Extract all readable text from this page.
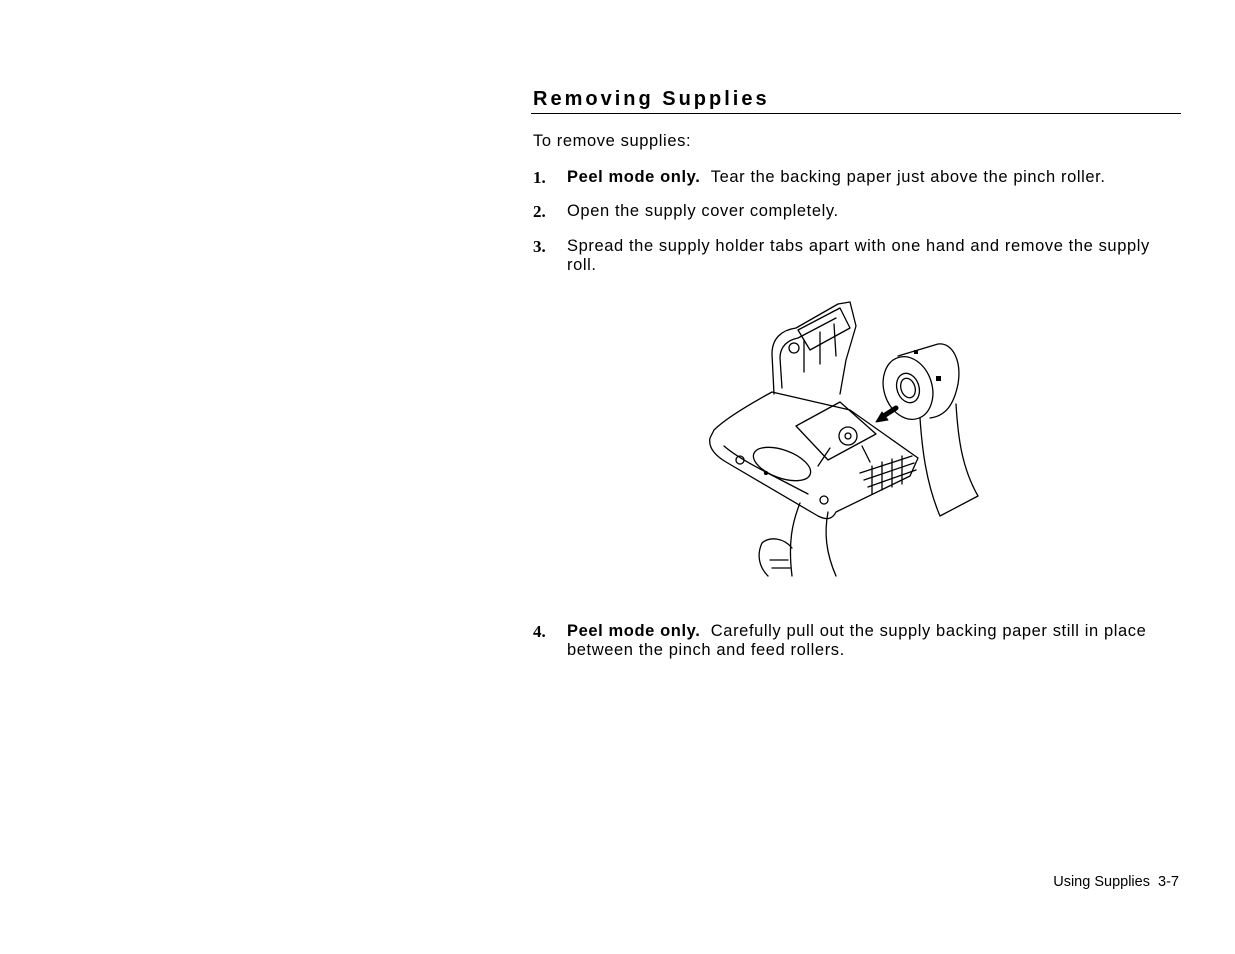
Removing Supplies
To remove supplies:
1. Peel mode only. Tear the backing paper just above the pinch roller.
2. Open the supply cover completely.
3. Spread the supply holder tabs apart with one hand and remove the supply roll.
4. Peel mode only. Carefully pull out the supply backing paper still in place between the pinch and feed rollers.
Using Supplies 3-7
